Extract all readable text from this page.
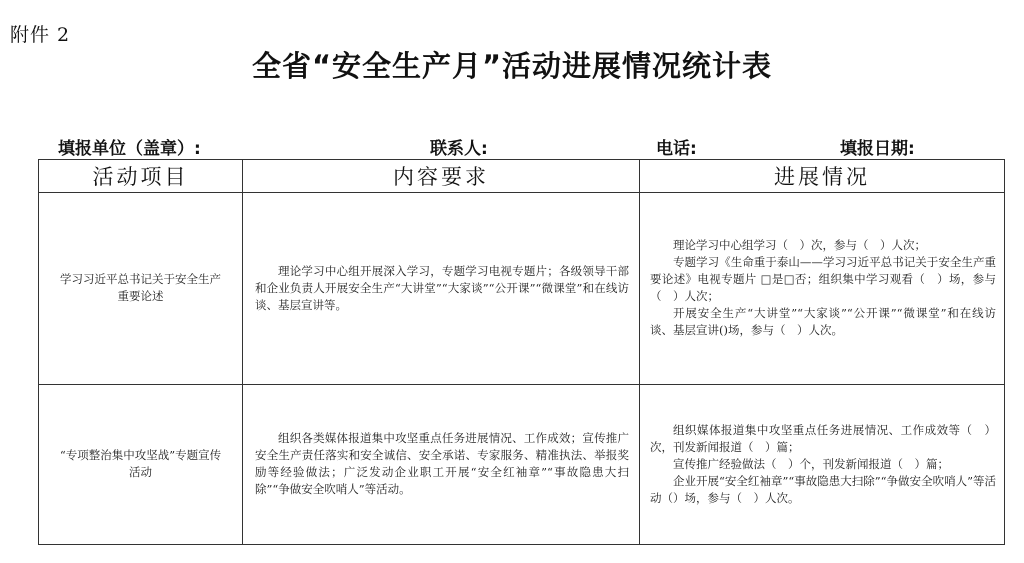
附件 2
全省“安全生产月”活动进展情况统计表
填报单位（盖章）:	联系人:	电话:	填报日期:
活动项目	内容要求	进展情况
学习习近平总书记关于安全生产重要论述	理论学习中心组开展深入学习，专题学习电视专题片；各级领导干部和企业负责人开展安全生产“大讲堂”“大家谈”“公开课”“微课堂”和在线访谈、基层宣讲等。	理论学习中心组学习（　）次，参与（　）人次；

专题学习《生命重于泰山——学习习近平总书记关于安全生产重要论述》电视专题片 □是□否；组织集中学习观看（　）场，参与（　）人次；

开展安全生产“大讲堂”“大家谈”“公开课”“微课堂”和在线访谈、基层宣讲()场，参与（　）人次。

“专项整治集中攻坚战”专题宣传活动	组织各类媒体报道集中攻坚重点任务进展情况、工作成效；宣传推广安全生产责任落实和安全诚信、安全承诺、专家服务、精准执法、举报奖励等经验做法；广泛发动企业职工开展“安全红袖章”“事故隐患大扫除”“争做安全吹哨人”等活动。	组织媒体报道集中攻坚重点任务进展情况、工作成效等（　）次，刊发新闻报道（　）篇；

宣传推广经验做法（　）个，刊发新闻报道（　）篇；

企业开展“安全红袖章”“事故隐患大扫除”“争做安全吹哨人”等活动（）场，参与（　）人次。
